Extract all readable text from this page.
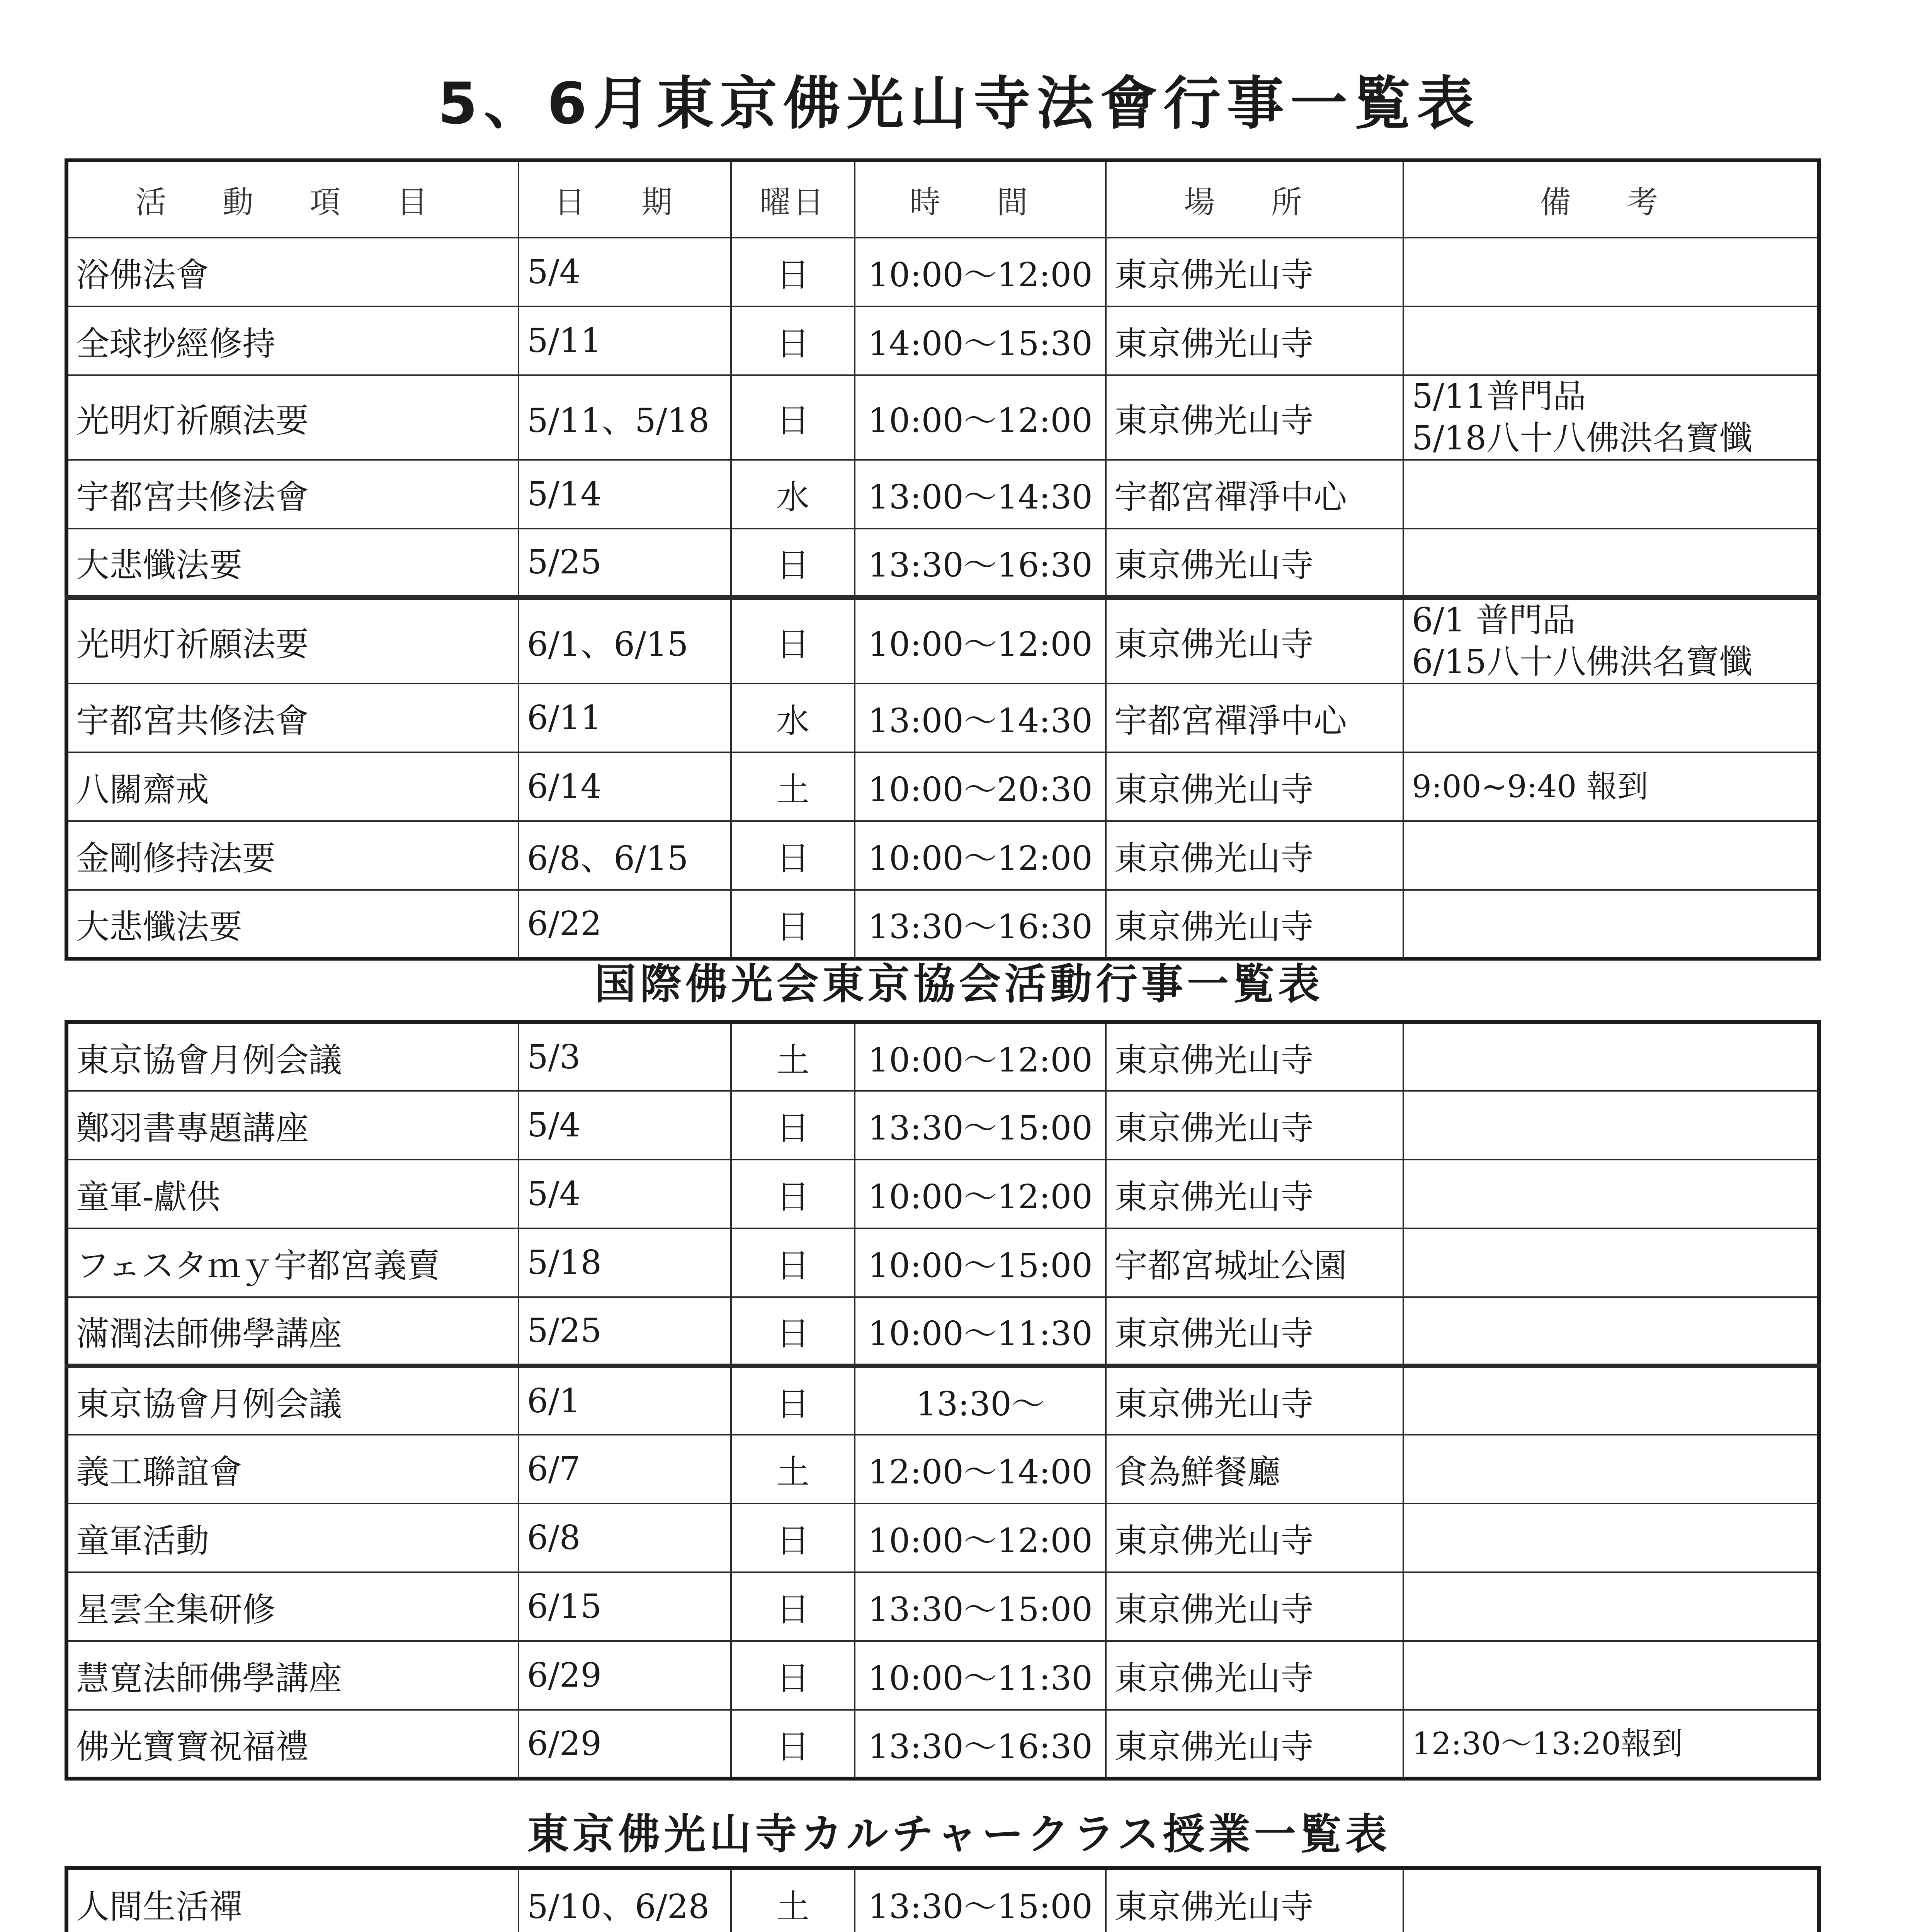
5、6月東京佛光山寺法會行事一覧表
活 動 項 目	日 期	曜日	時 間	場 所	備 考
浴佛法會	5/4	日	10:00～12:00	東京佛光山寺	
全球抄經修持	5/11	日	14:00～15:30	東京佛光山寺	
光明灯祈願法要	5/11、5/18	日	10:00～12:00	東京佛光山寺	5/11普門品
5/18八十八佛洪名寶懺

宇都宮共修法會	5/14	水	13:00～14:30	宇都宮禪淨中心	
大悲懺法要	5/25	日	13:30～16:30	東京佛光山寺	
光明灯祈願法要	6/1、6/15	日	10:00～12:00	東京佛光山寺	6/1 普門品
6/15八十八佛洪名寶懺

宇都宮共修法會	6/11	水	13:00～14:30	宇都宮禪淨中心	
八關齋戒	6/14	土	10:00～20:30	東京佛光山寺	9:00~9:40 報到
金剛修持法要	6/8、6/15	日	10:00～12:00	東京佛光山寺	
大悲懺法要	6/22	日	13:30～16:30	東京佛光山寺	
国際佛光会東京協会活動行事一覧表
東京協會月例会議	5/3	土	10:00～12:00	東京佛光山寺	
鄭羽書專題講座	5/4	日	13:30～15:00	東京佛光山寺	
童軍-獻供	5/4	日	10:00～12:00	東京佛光山寺	
フェスタｍｙ宇都宮義賣	5/18	日	10:00～15:00	宇都宮城址公園	
滿潤法師佛學講座	5/25	日	10:00～11:30	東京佛光山寺	
東京協會月例会議	6/1	日	13:30～	東京佛光山寺	
義工聯誼會	6/7	土	12:00～14:00	食為鮮餐廳	
童軍活動	6/8	日	10:00～12:00	東京佛光山寺	
星雲全集研修	6/15	日	13:30～15:00	東京佛光山寺	
慧寛法師佛學講座	6/29	日	10:00～11:30	東京佛光山寺	
佛光寶寶祝福禮	6/29	日	13:30～16:30	東京佛光山寺	12:30～13:20報到
東京佛光山寺カルチャークラス授業一覧表
人間生活禪	5/10、6/28	土	13:30～15:00	東京佛光山寺	
